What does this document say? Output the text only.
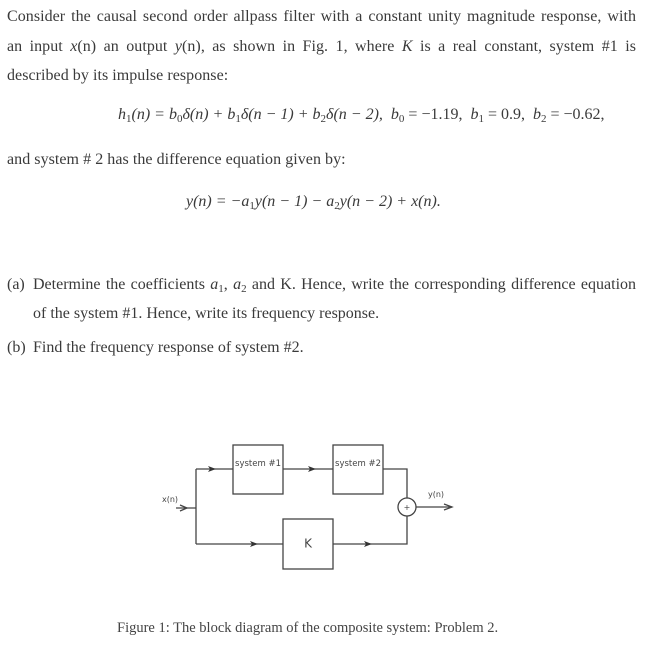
Consider the causal second order allpass filter with a constant unity magnitude response, with
an input x(n) an output y(n), as shown in Fig. 1, where K is a real constant, system #1 is
described by its impulse response:
$h_1(n) = b_0\delta(n) + b_1\delta(n - 1) + b_2\delta(n - 2)$, $b_0 = -1.19$, $b_1 = 0.9$, $b_2 = -0.62$,
and system # 2 has the difference equation given by:
$y(n) = -a_1y(n - 1) - a_2y(n - 2) + x(n)$.
(a) Determine the coefficients $a_1$, $a_2$ and K. Hence, write the corresponding difference equation
of the system #1. Hence, write its frequency response.
(b) Find the frequency response of system #2.
system #1	system #2
K
x(n)
y(n)
+
Figure 1: The block diagram of the composite system: Problem 2.
